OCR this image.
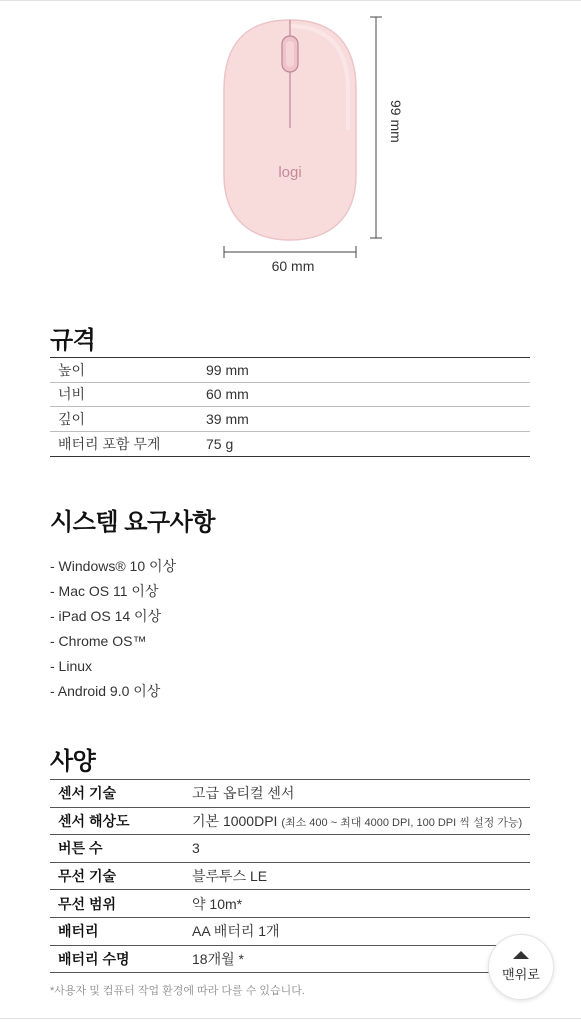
logi
99 mm
60 mm
규격
높이	99 mm
너비	60 mm
깊이	39 mm
배터리 포함 무게	75 g
시스템 요구사항
- Windows® 10 이상
- Mac OS 11 이상
- iPad OS 14 이상
- Chrome OS™
- Linux
- Android 9.0 이상
사양
센서 기술	고급 옵티컬 센서
센서 해상도	기본 1000DPI (최소 400 ~ 최대 4000 DPI, 100 DPI 씩 설정 가능)
버튼 수	3
무선 기술	블루투스 LE
무선 범위	약 10m*
배터리	AA 배터리 1개
배터리 수명	18개월 *
*사용자 및 컴퓨터 작업 환경에 따라 다를 수 있습니다.
맨위로
